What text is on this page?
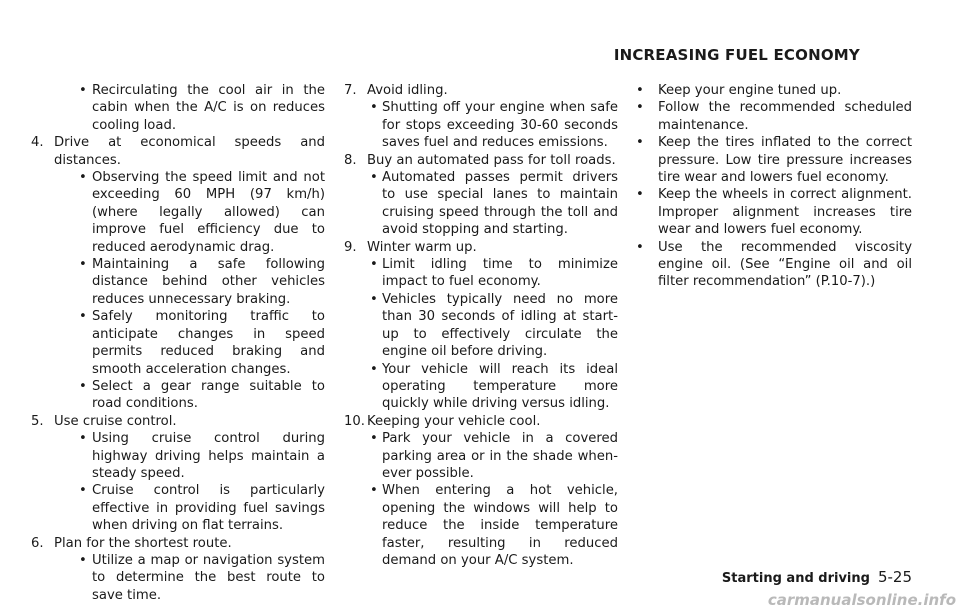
INCREASING FUEL ECONOMY

• Recirculating the cool air in the cabin when the A/C is on reduces cooling load.

4. Drive at economical speeds and distances.

• Observing the speed limit and not exceeding 60 MPH (97 km/h) (where legally allowed) can improve fuel efficiency due to reduced aerodynamic drag.

• Maintaining a safe following distance behind other vehicles reduces unnecessary braking.

• Safely monitoring traffic to anticipate changes in speed permits reduced braking and smooth acceleration changes.

• Select a gear range suitable to road conditions.

5. Use cruise control.

• Using cruise control during highway driving helps maintain a steady speed.

• Cruise control is particularly effective in providing fuel savings when driving on flat terrains.

6. Plan for the shortest route.

• Utilize a map or navigation system to determine the best route to save time.

7. Avoid idling.

• Shutting off your engine when safe for stops exceeding 30-60 seconds saves fuel and reduces emissions.

8. Buy an automated pass for toll roads.

• Automated passes permit drivers to use special lanes to maintain cruising speed through the toll and avoid stopping and starting.

9. Winter warm up.

• Limit idling time to minimize impact to fuel economy.

• Vehicles typically need no more than 30 seconds of idling at start-up to effectively circulate the engine oil before driving.

• Your vehicle will reach its ideal operating temperature more quickly while driving versus idling.

10. Keeping your vehicle cool.

• Park your vehicle in a covered parking area or in the shade when-ever possible.

• When entering a hot vehicle, opening the windows will help to reduce the inside temperature faster, resulting in reduced demand on your A/C system.

• Keep your engine tuned up.

• Follow the recommended scheduled maintenance.

• Keep the tires inflated to the correct pressure. Low tire pressure increases tire wear and lowers fuel economy.

• Keep the wheels in correct alignment. Improper alignment increases tire wear and lowers fuel economy.

• Use the recommended viscosity engine oil. (See “Engine oil and oil filter recommendation” (P.10-7).)

Starting and driving 5-25
carmanualsonline.info
